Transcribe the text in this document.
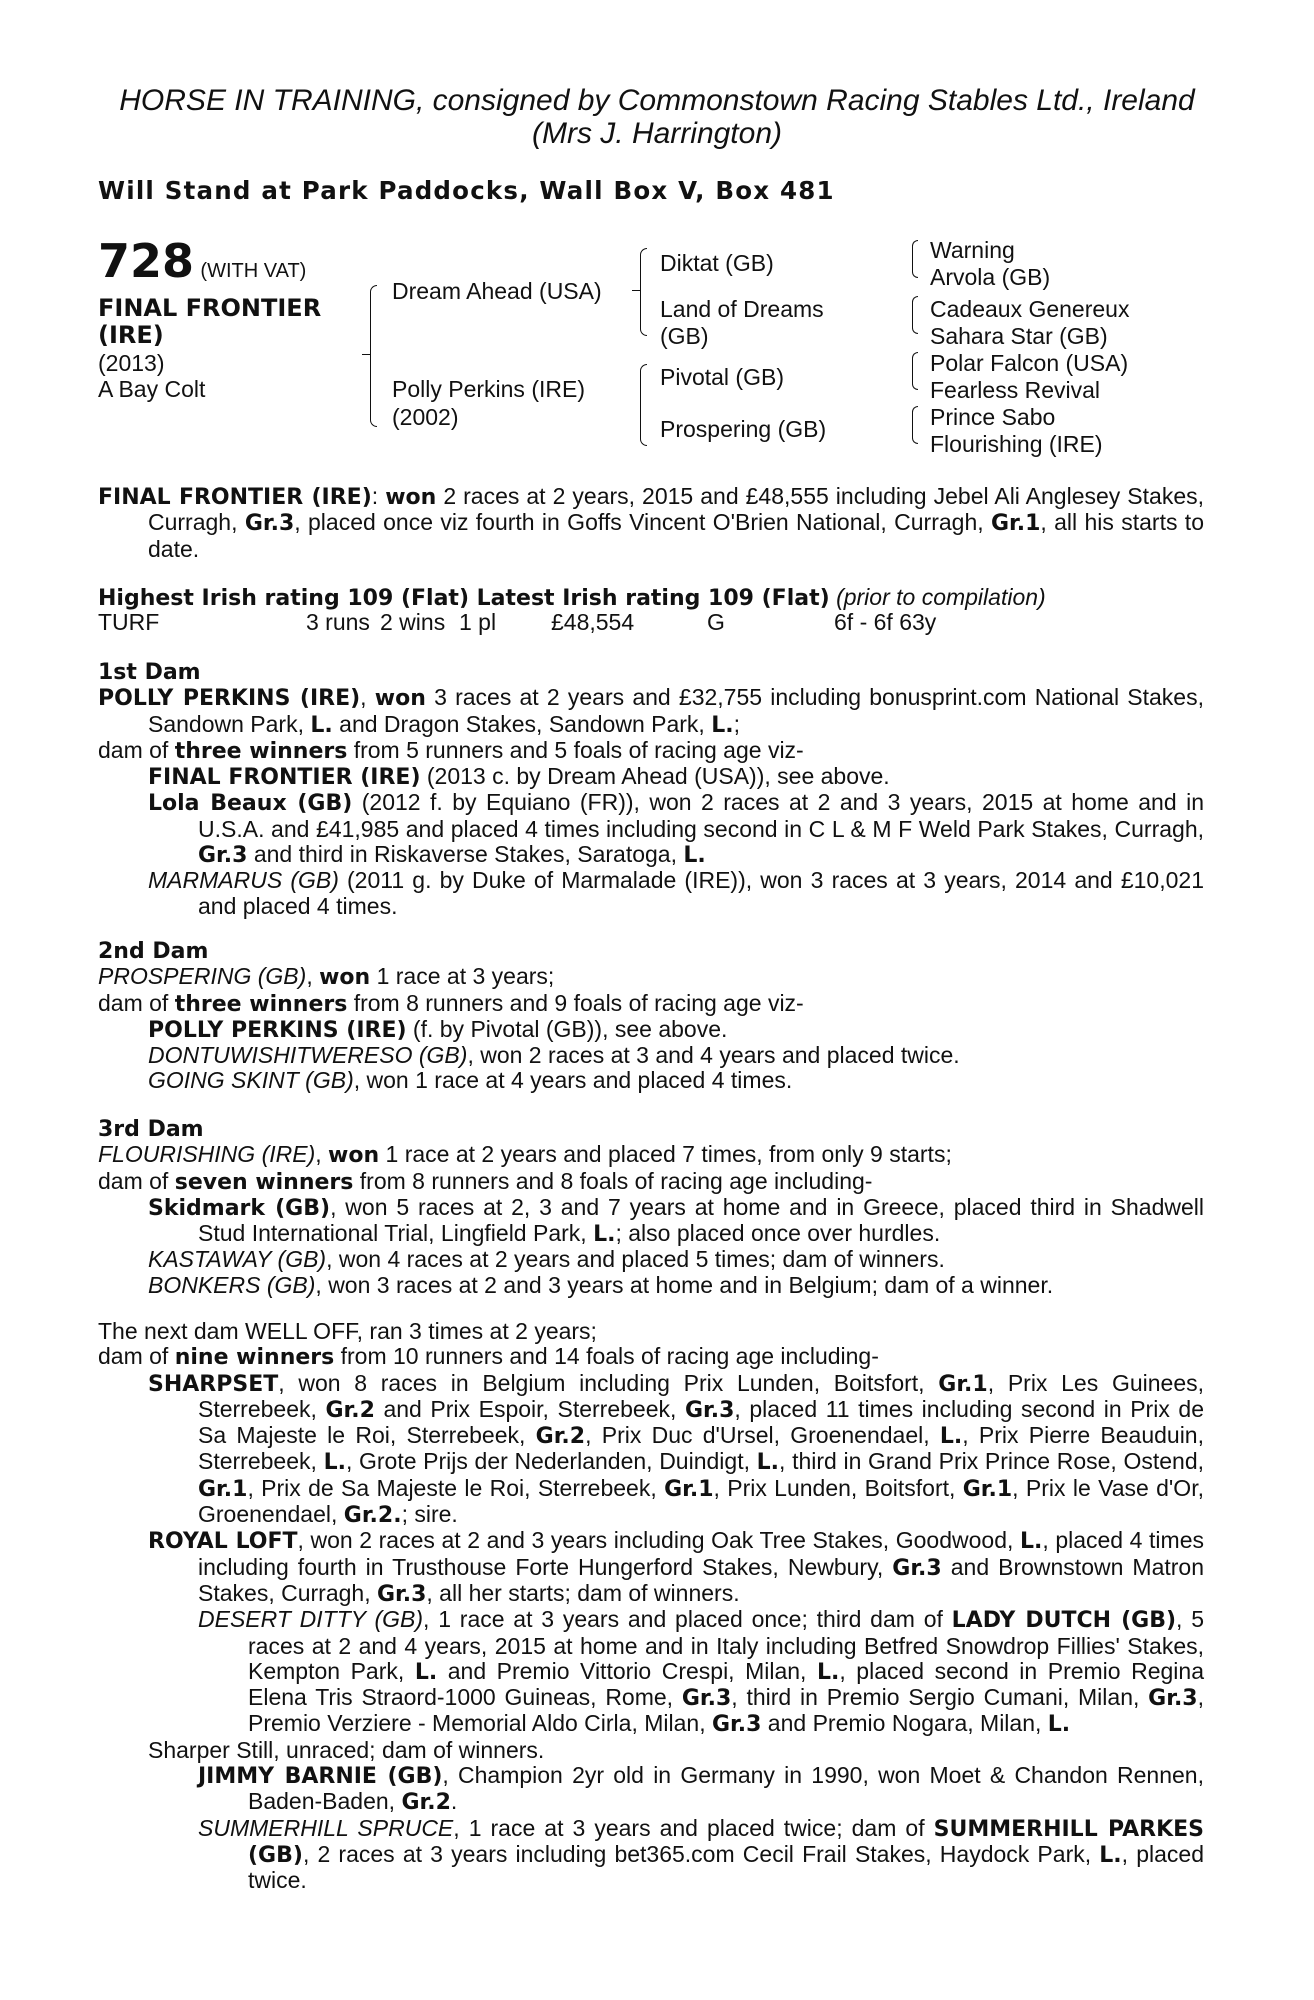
HORSE IN TRAINING, consigned by Commonstown Racing Stables Ltd., Ireland
(Mrs J. Harrington)
Will Stand at Park Paddocks, Wall Box V, Box 481
728 (WITH VAT)
FINAL FRONTIER
(IRE)
(2013)
A Bay Colt
Dream Ahead (USA)
Polly Perkins (IRE)
(2002)
Diktat (GB)
Land of Dreams
(GB)
Pivotal (GB)
Prospering (GB)
Warning
Arvola (GB)
Cadeaux Genereux
Sahara Star (GB)
Polar Falcon (USA)
Fearless Revival
Prince Sabo
Flourishing (IRE)

FINAL FRONTIER (IRE): won 2 races at 2 years, 2015 and £48,555 including Jebel Ali Anglesey Stakes, Curragh, Gr.3, placed once viz fourth in Goffs Vincent O'Brien National, Curragh, Gr.1, all his starts to date.

Highest Irish rating 109 (Flat) Latest Irish rating 109 (Flat) (prior to compilation)
TURF	3 runs 2 wins 1 pl £48,554	G	6f - 6f 63y

1st Dam

POLLY PERKINS (IRE), won 3 races at 2 years and £32,755 including bonusprint.com National Stakes, Sandown Park, L. and Dragon Stakes, Sandown Park, L.;

dam of three winners from 5 runners and 5 foals of racing age viz-

FINAL FRONTIER (IRE) (2013 c. by Dream Ahead (USA)), see above.

Lola Beaux (GB) (2012 f. by Equiano (FR)), won 2 races at 2 and 3 years, 2015 at home and in U.S.A. and £41,985 and placed 4 times including second in C L & M F Weld Park Stakes, Curragh, Gr.3 and third in Riskaverse Stakes, Saratoga, L.

MARMARUS (GB) (2011 g. by Duke of Marmalade (IRE)), won 3 races at 3 years, 2014 and £10,021 and placed 4 times.

2nd Dam

PROSPERING (GB), won 1 race at 3 years;

dam of three winners from 8 runners and 9 foals of racing age viz-

POLLY PERKINS (IRE) (f. by Pivotal (GB)), see above.

DONTUWISHITWERESO (GB), won 2 races at 3 and 4 years and placed twice.

GOING SKINT (GB), won 1 race at 4 years and placed 4 times.

3rd Dam

FLOURISHING (IRE), won 1 race at 2 years and placed 7 times, from only 9 starts;

dam of seven winners from 8 runners and 8 foals of racing age including-

Skidmark (GB), won 5 races at 2, 3 and 7 years at home and in Greece, placed third in Shadwell Stud International Trial, Lingfield Park, L.; also placed once over hurdles.

KASTAWAY (GB), won 4 races at 2 years and placed 5 times; dam of winners.

BONKERS (GB), won 3 races at 2 and 3 years at home and in Belgium; dam of a winner.

The next dam WELL OFF, ran 3 times at 2 years;

dam of nine winners from 10 runners and 14 foals of racing age including-

SHARPSET, won 8 races in Belgium including Prix Lunden, Boitsfort, Gr.1, Prix Les Guinees, Sterrebeek, Gr.2 and Prix Espoir, Sterrebeek, Gr.3, placed 11 times including second in Prix de Sa Majeste le Roi, Sterrebeek, Gr.2, Prix Duc d'Ursel, Groenendael, L., Prix Pierre Beauduin, Sterrebeek, L., Grote Prijs der Nederlanden, Duindigt, L., third in Grand Prix Prince Rose, Ostend, Gr.1, Prix de Sa Majeste le Roi, Sterrebeek, Gr.1, Prix Lunden, Boitsfort, Gr.1, Prix le Vase d'Or, Groenendael, Gr.2.; sire.

ROYAL LOFT, won 2 races at 2 and 3 years including Oak Tree Stakes, Goodwood, L., placed 4 times including fourth in Trusthouse Forte Hungerford Stakes, Newbury, Gr.3 and Brownstown Matron Stakes, Curragh, Gr.3, all her starts; dam of winners.

DESERT DITTY (GB), 1 race at 3 years and placed once; third dam of LADY DUTCH (GB), 5 races at 2 and 4 years, 2015 at home and in Italy including Betfred Snowdrop Fillies' Stakes, Kempton Park, L. and Premio Vittorio Crespi, Milan, L., placed second in Premio Regina Elena Tris Straord-1000 Guineas, Rome, Gr.3, third in Premio Sergio Cumani, Milan, Gr.3, Premio Verziere - Memorial Aldo Cirla, Milan, Gr.3 and Premio Nogara, Milan, L.

Sharper Still, unraced; dam of winners.

JIMMY BARNIE (GB), Champion 2yr old in Germany in 1990, won Moet & Chandon Rennen, Baden-Baden, Gr.2.

SUMMERHILL SPRUCE, 1 race at 3 years and placed twice; dam of SUMMERHILL PARKES (GB), 2 races at 3 years including bet365.com Cecil Frail Stakes, Haydock Park, L., placed twice.
